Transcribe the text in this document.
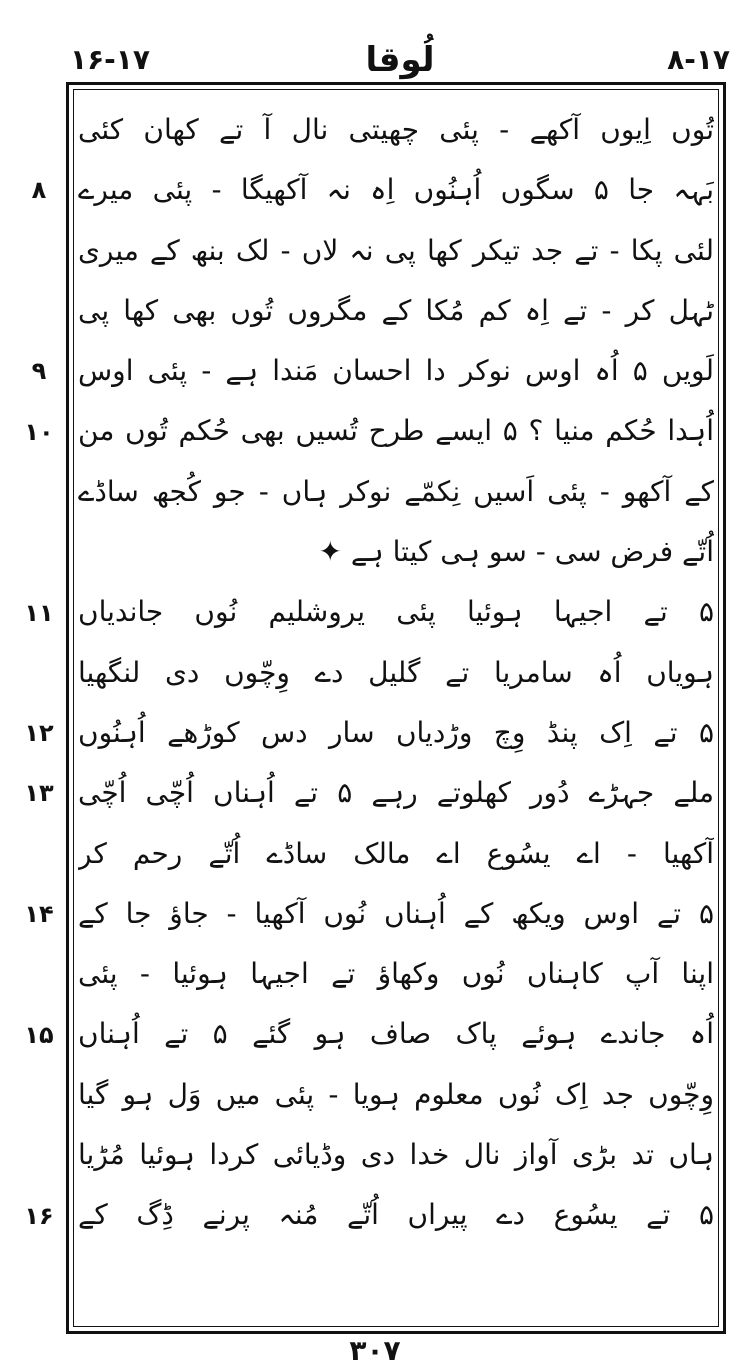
۱۶-۱۷	لُوقا	۸-۱۷
تُوں اِیوں آکھے - پئی چھیتی نال آ تے کھان کئی
بَہہ جا ۵ سگوں اُہنُوں اِہ نہ آکھیگا - پئی میرے
لئی پکا - تے جد تیکر کھا پی نہ لاں - لک بنھ کے میری
ٹہل کر - تے اِہ کم مُکا کے مگروں تُوں بھی کھا پی
لَویں ۵ اُہ اوس نوکر دا احسان مَندا ہے - پئی اوس
اُہدا حُکم منیا ؟ ۵ ایسے طرح تُسیں بھی حُکم تُوں من
کے آکھو - پئی اَسیں نِکمّے نوکر ہاں - جو کُجھ ساڈے
اُتّے فرض سی - سو ہی کیتا ہے ✦
۵ تے اجیہا ہوئیا پئی یروشلیم نُوں جاندیاں
ہویاں اُہ سامریا تے گلیل دے وِچّوں دی لنگھیا
۵ تے اِک پنڈ وِچ وڑدیاں سار دس کوڑھے اُہنُوں
ملے جہڑے دُور کھلوتے رہے ۵ تے اُہناں اُچّی اُچّی
آکھیا - اے یسُوع اے مالک ساڈے اُتّے رحم کر
۵ تے اوس ویکھ کے اُہناں نُوں آکھیا - جاؤ جا کے
اپنا آپ کاہناں نُوں وکھاؤ تے اجیہا ہوئیا - پئی
اُہ جاندے ہوئے پاک صاف ہو گئے ۵ تے اُہناں
وِچّوں جد اِک نُوں معلوم ہویا - پئی میں وَل ہو گیا
ہاں تد بڑی آواز نال خدا دی وڈیائی کردا ہوئیا مُڑیا
۵ تے یسُوع دے پیراں اُتّے مُنہ پرنے ڈِگ کے
۸
۹
۱۰
۱۱
۱۲
۱۳
۱۴
۱۵
۱۶
۳۰۷
